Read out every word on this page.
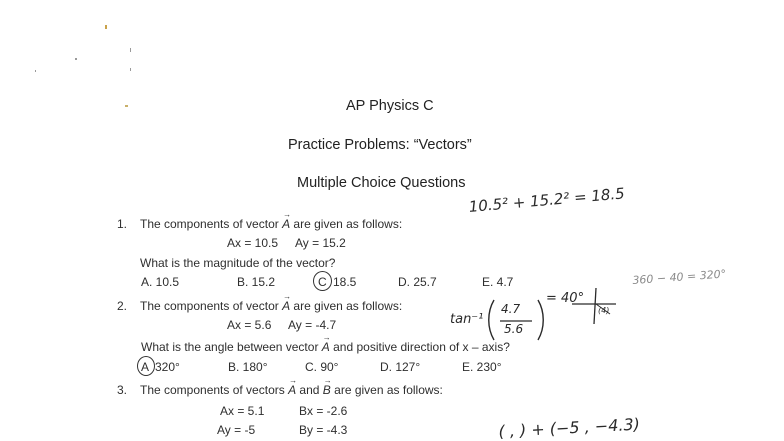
AP Physics C
Practice Problems: “Vectors”
Multiple Choice Questions
1. The components of vector → A are given as follows:
Ax = 10.5 Ay = 15.2
What is the magnitude of the vector?
A. 10.5	B. 15.2	C 18.5	D. 25.7	E. 4.7
2. The components of vector → A are given as follows:
Ax = 5.6 Ay = -4.7
What is the angle between vector → A and positive direction of x – axis?
A 320°	B. 180°	C. 90°	D. 127°	E. 230°
3. The components of vectors → A and → B are given as follows:
Ax = 5.1	Bx = -2.6
Ay = -5	By = -4.3
10.5² + 15.2² = 18.5
tan⁻¹
4.7
5.6
= 40°
(4)
360 − 40 = 320°
( , ) + (−5 , −4.3)
